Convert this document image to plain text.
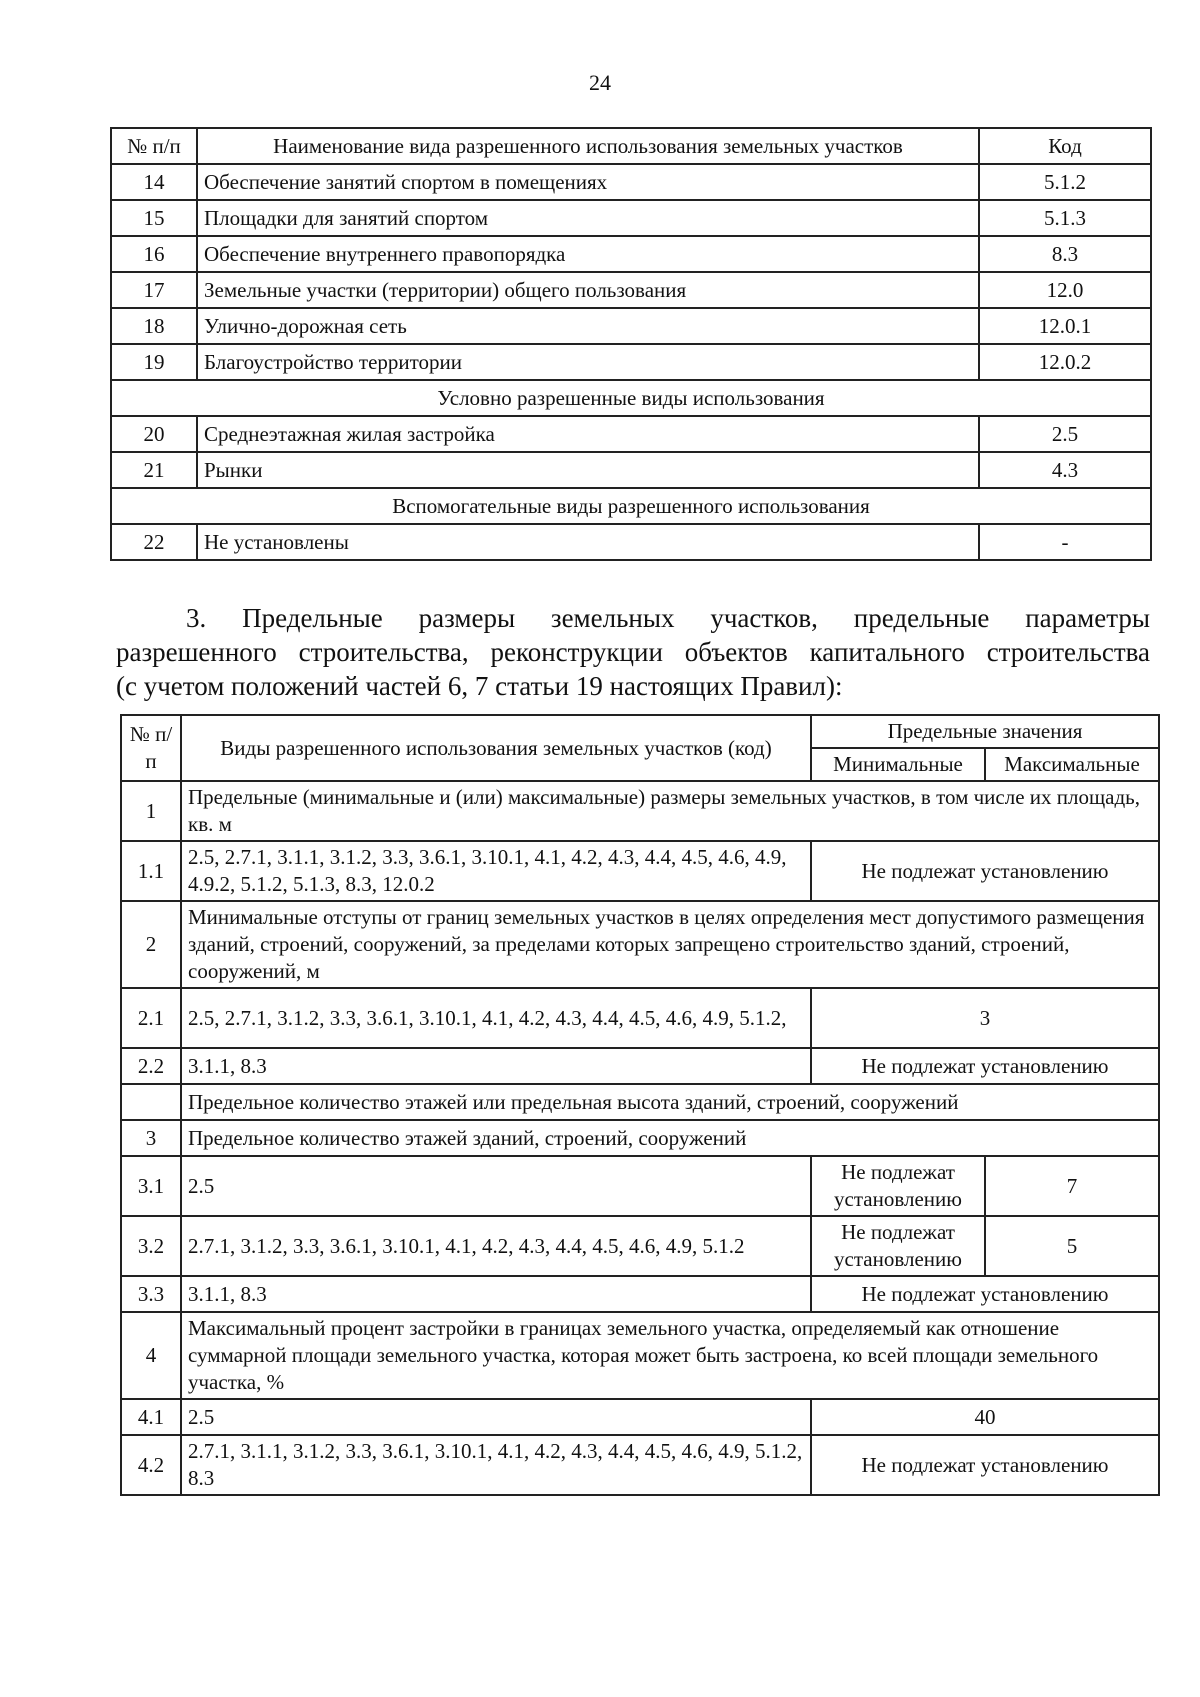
24
№ п/п	Наименование вида разрешенного использования земельных участков	Код
14	Обеспечение занятий спортом в помещениях	5.1.2
15	Площадки для занятий спортом	5.1.3
16	Обеспечение внутреннего правопорядка	8.3
17	Земельные участки (территории) общего пользования	12.0
18	Улично-дорожная сеть	12.0.1
19	Благоустройство территории	12.0.2
Условно разрешенные виды использования		
20	Среднеэтажная жилая застройка	2.5
21	Рынки	4.3
Вспомогательные виды разрешенного использования		
22	Не установлены	-
3. Предельные размеры земельных участков, предельные параметры
разрешенного строительства, реконструкции объектов капитального строительства
(с учетом положений частей 6, 7 статьи 19 настоящих Правил):
№ п/п	Виды разрешенного использования земельных участков (код)	Предельные значения	
		Минимальные	Максимальные
1	Предельные (минимальные и (или) максимальные) размеры земельных участков, в том числе их площадь, кв. м		
1.1	2.5, 2.7.1, 3.1.1, 3.1.2, 3.3, 3.6.1, 3.10.1, 4.1, 4.2, 4.3, 4.4, 4.5, 4.6, 4.9, 4.9.2, 5.1.2, 5.1.3, 8.3, 12.0.2	Не подлежат установлению	
2	Минимальные отступы от границ земельных участков в целях определения мест допустимого размещения зданий, строений, сооружений, за пределами которых запрещено строительство зданий, строений, сооружений, м		
2.1	2.5, 2.7.1, 3.1.2, 3.3, 3.6.1, 3.10.1, 4.1, 4.2, 4.3, 4.4, 4.5, 4.6, 4.9, 5.1.2,	3	
2.2	3.1.1, 8.3	Не подлежат установлению	
	Предельное количество этажей или предельная высота зданий, строений, сооружений		
3	Предельное количество этажей зданий, строений, сооружений		
3.1	2.5	Не подлежат установлению	7
3.2	2.7.1, 3.1.2, 3.3, 3.6.1, 3.10.1, 4.1, 4.2, 4.3, 4.4, 4.5, 4.6, 4.9, 5.1.2	Не подлежат установлению	5
3.3	3.1.1, 8.3	Не подлежат установлению	
4	Максимальный процент застройки в границах земельного участка, определяемый как отношение суммарной площади земельного участка, которая может быть застроена, ко всей площади земельного участка, %		
4.1	2.5	40	
4.2	2.7.1, 3.1.1, 3.1.2, 3.3, 3.6.1, 3.10.1, 4.1, 4.2, 4.3, 4.4, 4.5, 4.6, 4.9, 5.1.2, 8.3	Не подлежат установлению	
